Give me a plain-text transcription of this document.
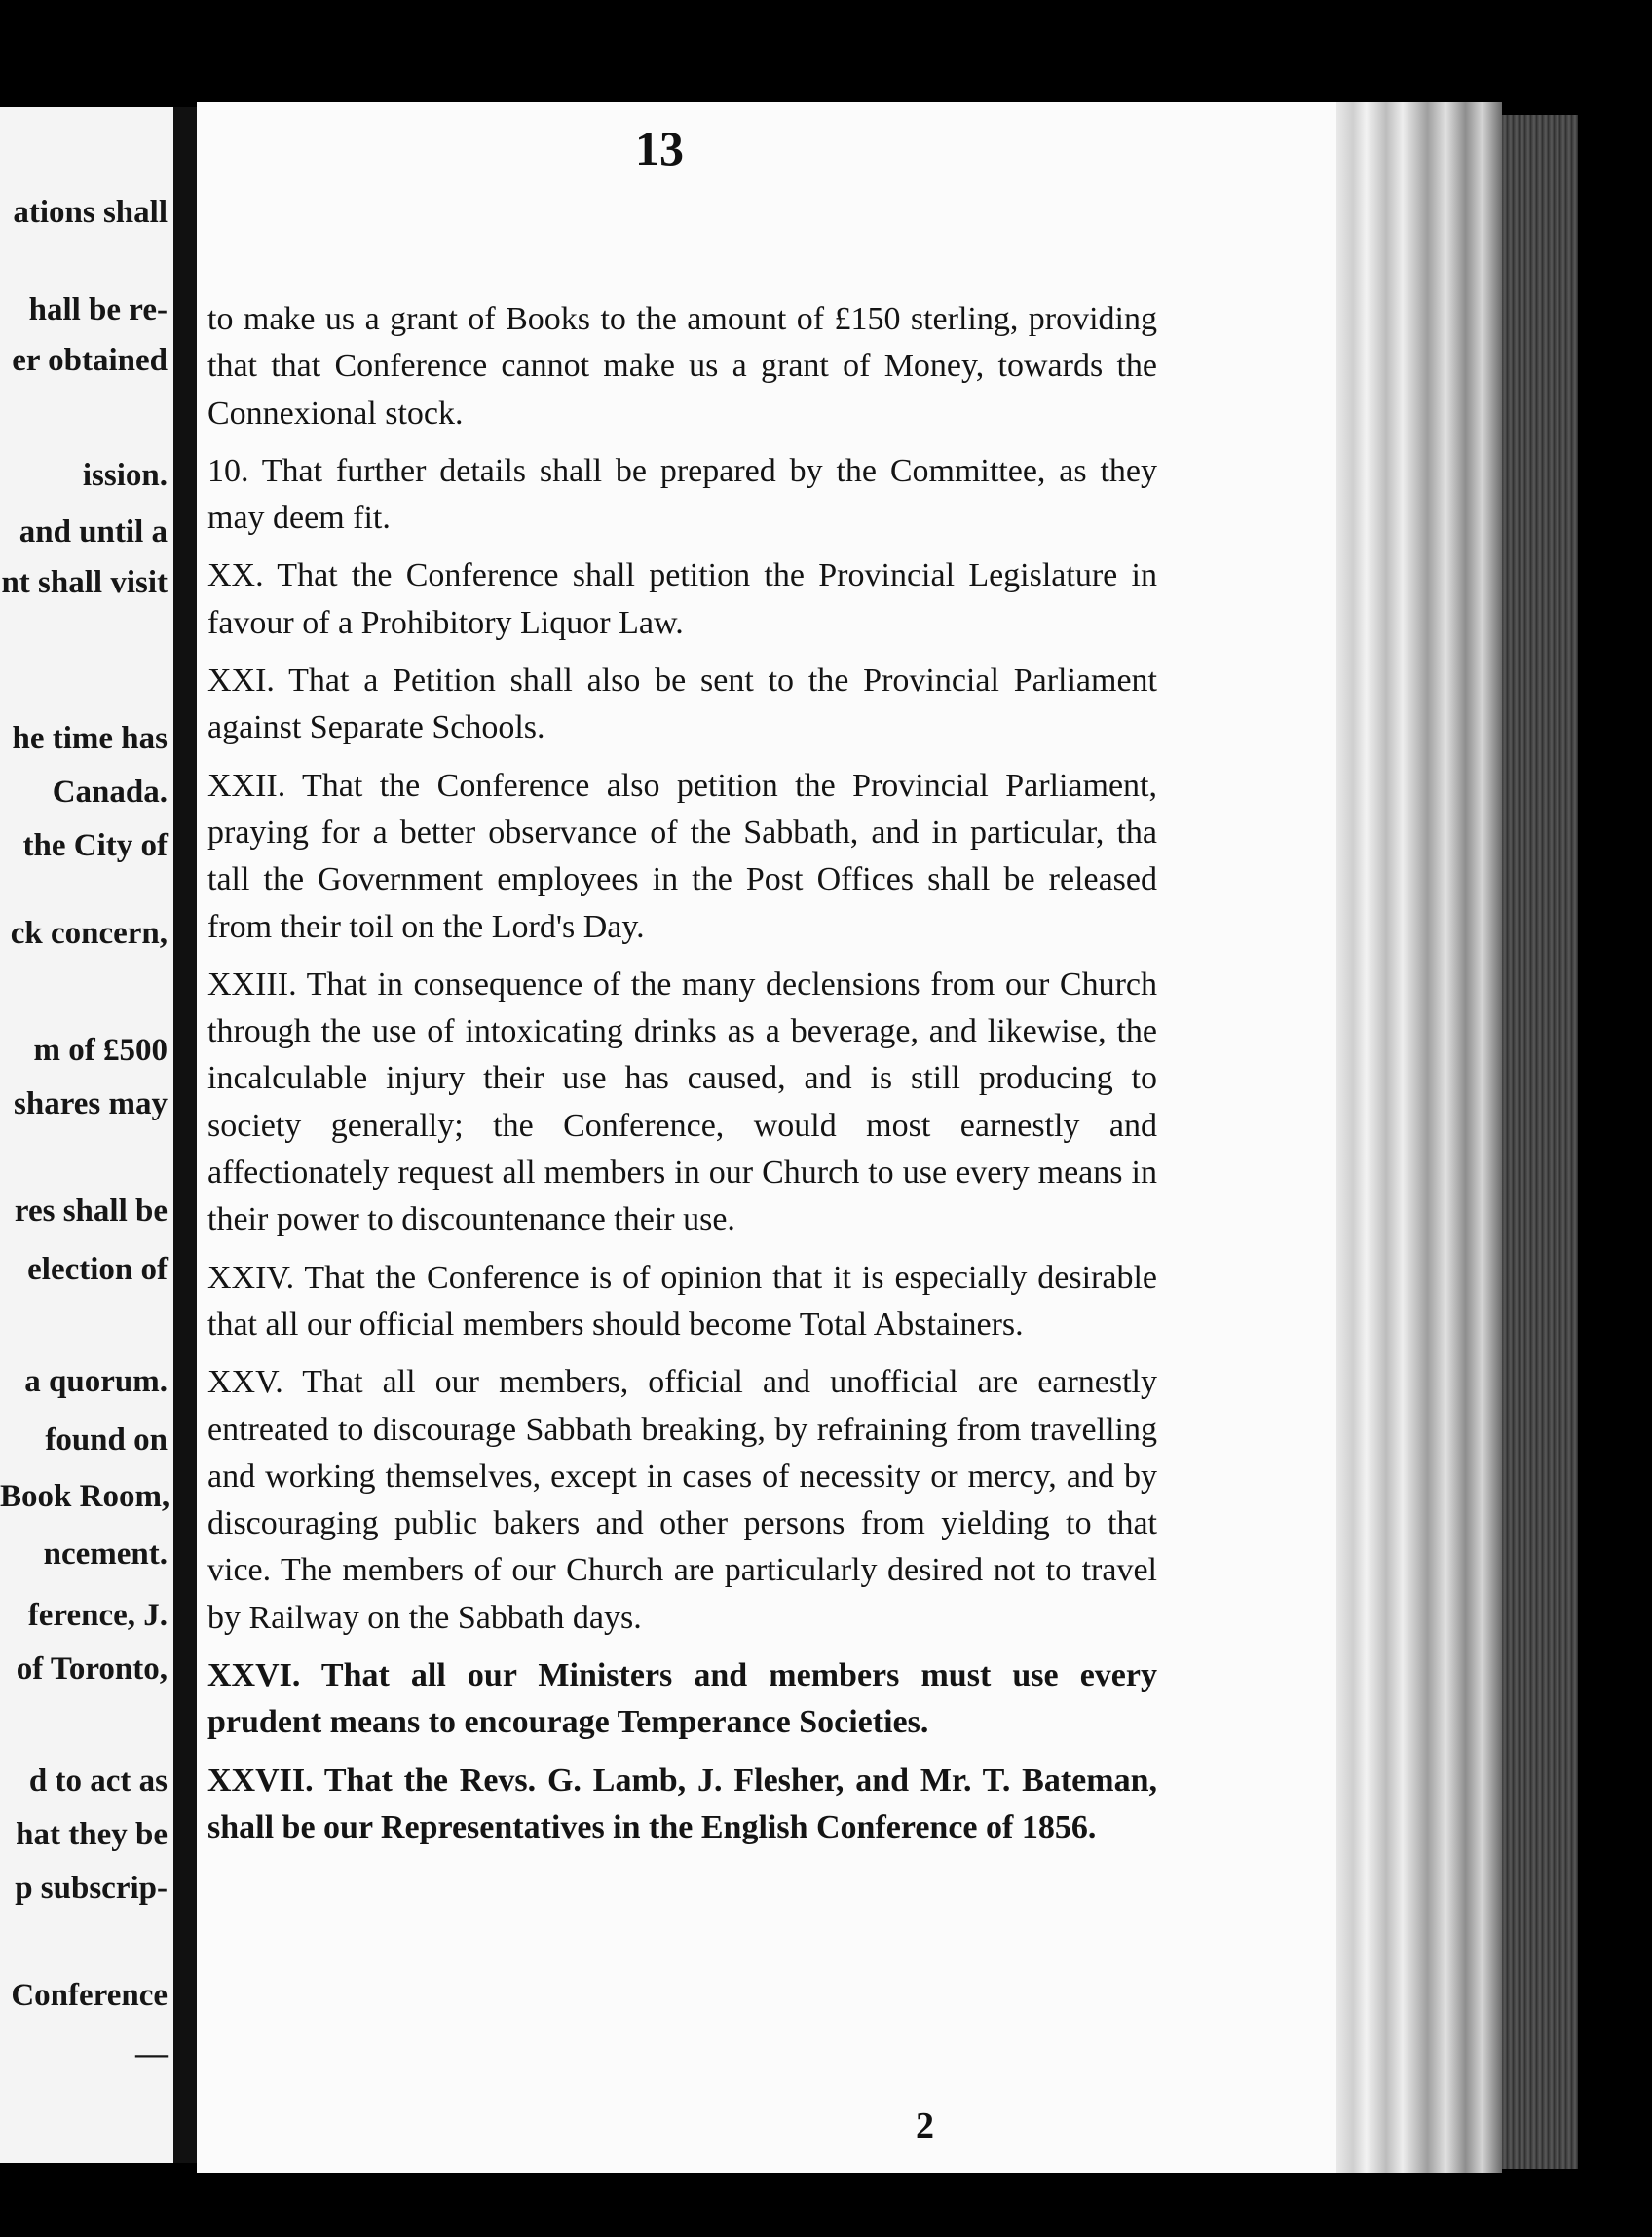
ations shall
hall be re-
er obtained
ission.
and until a
nt shall visit
he time has
Canada.
the City of
ck concern,
m of £500
shares may
res shall be
election of
a quorum.
found on
Book Room,
ncement.
ference, J.
of Toronto,
d to act as
hat they be
p subscrip-
Conference
—
13

to make us a grant of Books to the amount of £150 sterling, providing that that Conference cannot make us a grant of Money, towards the Connexional stock.

10. That further details shall be prepared by the Committee, as they may deem fit.

XX. That the Conference shall petition the Provincial Legislature in favour of a Prohibitory Liquor Law.

XXI. That a Petition shall also be sent to the Provincial Parliament against Separate Schools.

XXII. That the Conference also petition the Provincial Parliament, praying for a better observance of the Sabbath, and in particular, tha tall the Government employees in the Post Offices shall be released from their toil on the Lord's Day.

XXIII. That in consequence of the many declensions from our Church through the use of intoxicating drinks as a beverage, and likewise, the incalculable injury their use has caused, and is still producing to society generally; the Conference, would most earnestly and affectionately request all members in our Church to use every means in their power to discountenance their use.

XXIV. That the Conference is of opinion that it is especially desirable that all our official members should become Total Abstainers.

XXV. That all our members, official and unofficial are earnestly entreated to discourage Sabbath breaking, by refraining from travelling and working themselves, except in cases of necessity or mercy, and by discouraging public bakers and other persons from yielding to that vice. The members of our Church are particularly desired not to travel by Railway on the Sabbath days.

XXVI. That all our Ministers and members must use every prudent means to encourage Temperance Societies.

XXVII. That the Revs. G. Lamb, J. Flesher, and Mr. T. Bateman, shall be our Representatives in the English Conference of 1856.

2
